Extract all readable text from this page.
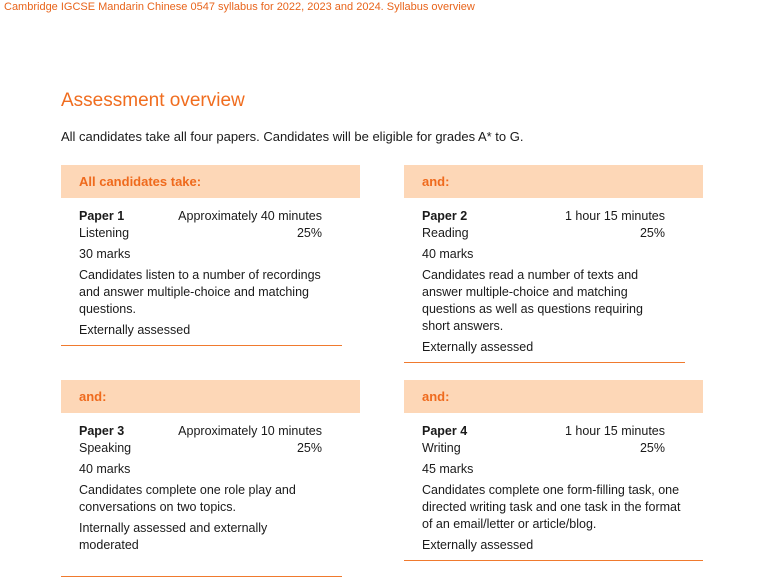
Cambridge IGCSE Mandarin Chinese 0547 syllabus for 2022, 2023 and 2024. Syllabus overview
Assessment overview
All candidates take all four papers. Candidates will be eligible for grades A* to G.
All candidates take:
Paper 1	Approximately 40 minutes
Listening	25%
30 marks
Candidates listen to a number of recordings and answer multiple-choice and matching questions.
Externally assessed
and:
Paper 2	1 hour 15 minutes
Reading	25%
40 marks
Candidates read a number of texts and answer multiple-choice and matching questions as well as questions requiring short answers.
Externally assessed
and:
Paper 3	Approximately 10 minutes
Speaking	25%
40 marks
Candidates complete one role play and conversations on two topics.
Internally assessed and externally moderated
and:
Paper 4	1 hour 15 minutes
Writing	25%
45 marks
Candidates complete one form-filling task, one directed writing task and one task in the format of an email/letter or article/blog.
Externally assessed
